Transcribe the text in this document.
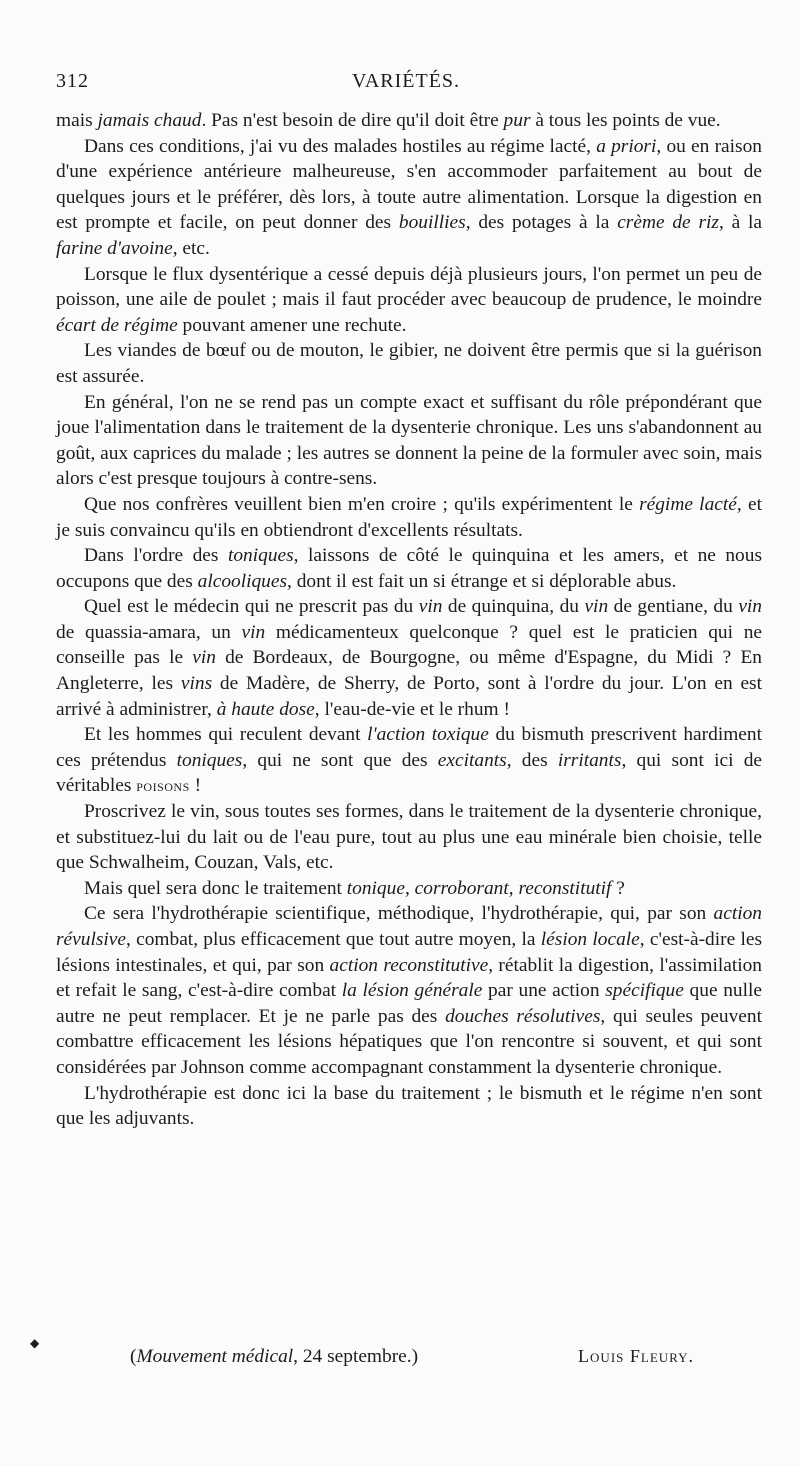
312	VARIÉTÉS.

mais jamais chaud. Pas n'est besoin de dire qu'il doit être pur à tous les points de vue.

Dans ces conditions, j'ai vu des malades hostiles au régime lacté, a priori, ou en raison d'une expérience antérieure malheureuse, s'en accommoder parfaitement au bout de quelques jours et le préférer, dès lors, à toute autre alimentation. Lorsque la digestion en est prompte et facile, on peut donner des bouillies, des potages à la crème de riz, à la farine d'avoine, etc.

Lorsque le flux dysentérique a cessé depuis déjà plusieurs jours, l'on permet un peu de poisson, une aile de poulet ; mais il faut procéder avec beaucoup de prudence, le moindre écart de régime pouvant amener une rechute.

Les viandes de bœuf ou de mouton, le gibier, ne doivent être permis que si la guérison est assurée.

En général, l'on ne se rend pas un compte exact et suffisant du rôle prépondérant que joue l'alimentation dans le traitement de la dysenterie chronique. Les uns s'abandonnent au goût, aux caprices du malade ; les autres se donnent la peine de la formuler avec soin, mais alors c'est presque toujours à contre-sens.

Que nos confrères veuillent bien m'en croire ; qu'ils expérimentent le régime lacté, et je suis convaincu qu'ils en obtiendront d'excellents résultats.

Dans l'ordre des toniques, laissons de côté le quinquina et les amers, et ne nous occupons que des alcooliques, dont il est fait un si étrange et si déplorable abus.

Quel est le médecin qui ne prescrit pas du vin de quinquina, du vin de gentiane, du vin de quassia-amara, un vin médicamenteux quelconque ? quel est le praticien qui ne conseille pas le vin de Bordeaux, de Bourgogne, ou même d'Espagne, du Midi ? En Angleterre, les vins de Madère, de Sherry, de Porto, sont à l'ordre du jour. L'on en est arrivé à administrer, à haute dose, l'eau-de-vie et le rhum !

Et les hommes qui reculent devant l'action toxique du bismuth prescrivent hardiment ces prétendus toniques, qui ne sont que des excitants, des irritants, qui sont ici de véritables poisons !

Proscrivez le vin, sous toutes ses formes, dans le traitement de la dysenterie chronique, et substituez-lui du lait ou de l'eau pure, tout au plus une eau minérale bien choisie, telle que Schwalheim, Couzan, Vals, etc.

Mais quel sera donc le traitement tonique, corroborant, reconstitutif ?

Ce sera l'hydrothérapie scientifique, méthodique, l'hydrothérapie, qui, par son action révulsive, combat, plus efficacement que tout autre moyen, la lésion locale, c'est-à-dire les lésions intestinales, et qui, par son action reconstitutive, rétablit la digestion, l'assimilation et refait le sang, c'est-à-dire combat la lésion générale par une action spécifique que nulle autre ne peut remplacer. Et je ne parle pas des douches résolutives, qui seules peuvent combattre efficacement les lésions hépatiques que l'on rencontre si souvent, et qui sont considérées par Johnson comme accompagnant constamment la dysenterie chronique.

L'hydrothérapie est donc ici la base du traitement ; le bismuth et le régime n'en sont que les adjuvants.

(Mouvement médical, 24 septembre.)	Louis Fleury.
◆
